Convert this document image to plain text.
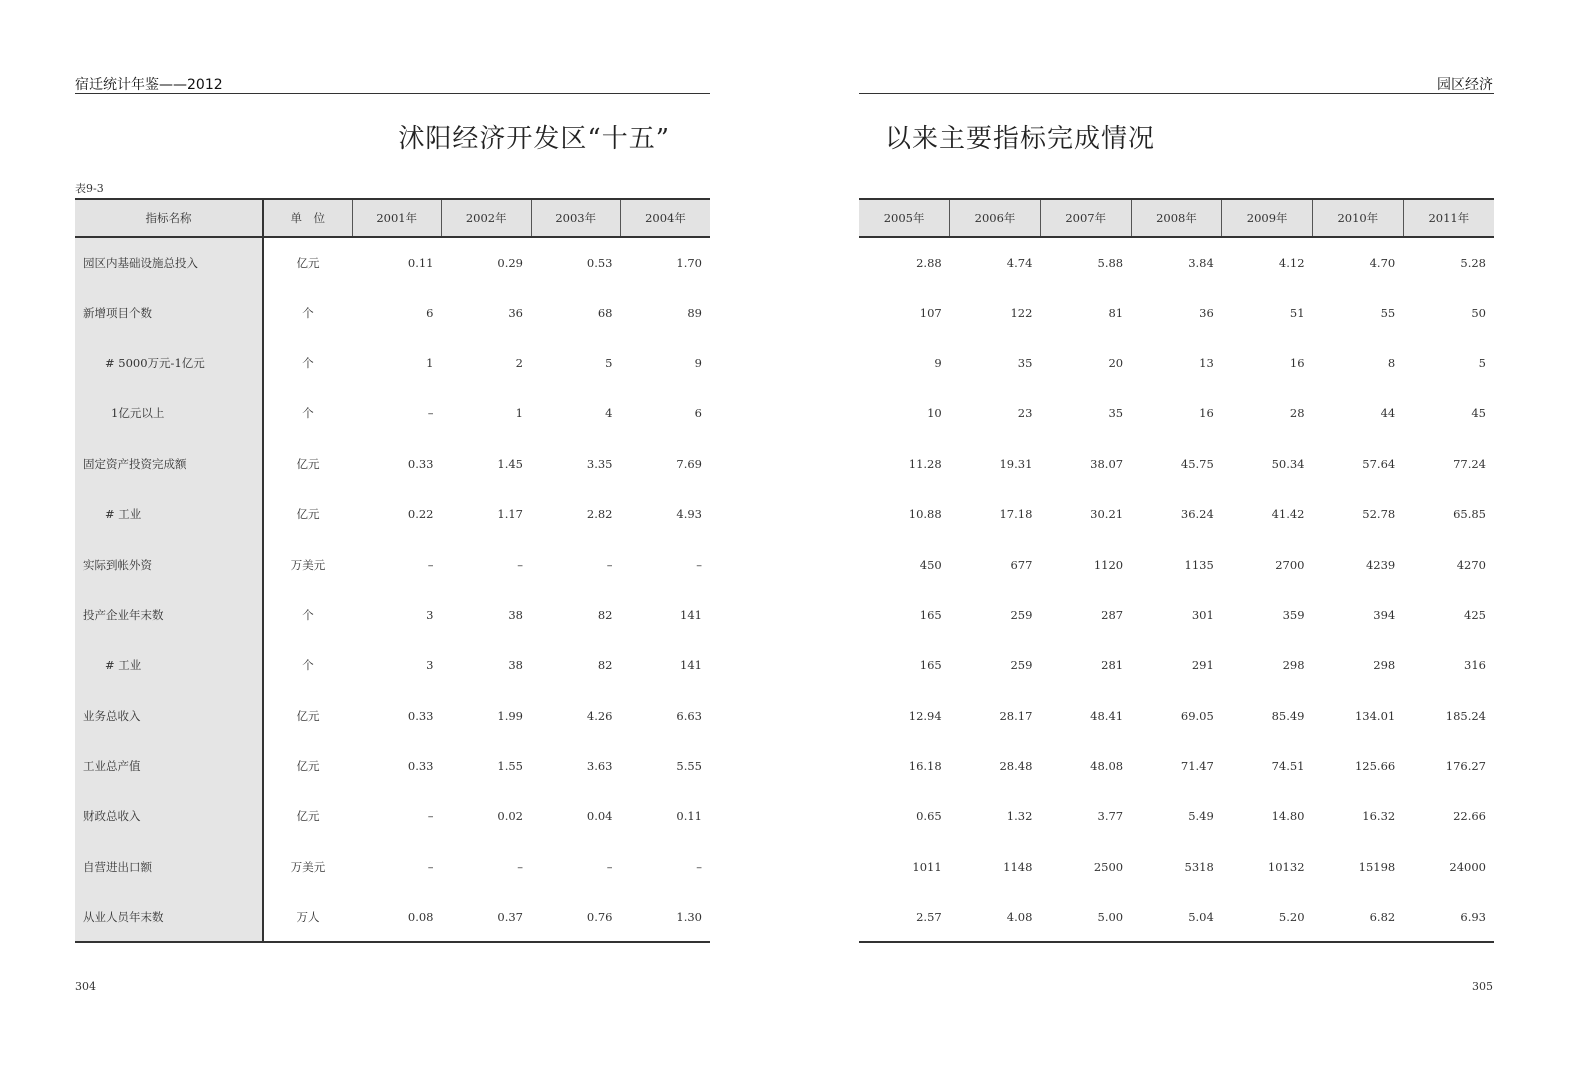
宿迁统计年鉴——2012	园区经济
沭阳经济开发区“十五”	以来主要指标完成情况
表9-3
指标名称	单　位	2001年	2002年	2003年	2004年
园区内基础设施总投入	亿元	0.11	0.29	0.53	1.70
新增项目个数	个	6	36	68	89
# 5000万元-1亿元	个	1	2	5	9
1亿元以上	个	–	1	4	6
固定资产投资完成额	亿元	0.33	1.45	3.35	7.69
# 工业	亿元	0.22	1.17	2.82	4.93
实际到帐外资	万美元	–	–	–	–
投产企业年末数	个	3	38	82	141
# 工业	个	3	38	82	141
业务总收入	亿元	0.33	1.99	4.26	6.63
工业总产值	亿元	0.33	1.55	3.63	5.55
财政总收入	亿元	–	0.02	0.04	0.11
自营进出口额	万美元	–	–	–	–
从业人员年末数	万人	0.08	0.37	0.76	1.30
2005年	2006年	2007年	2008年	2009年	2010年	2011年
2.88	4.74	5.88	3.84	4.12	4.70	5.28
107	122	81	36	51	55	50
9	35	20	13	16	8	5
10	23	35	16	28	44	45
11.28	19.31	38.07	45.75	50.34	57.64	77.24
10.88	17.18	30.21	36.24	41.42	52.78	65.85
450	677	1120	1135	2700	4239	4270
165	259	287	301	359	394	425
165	259	281	291	298	298	316
12.94	28.17	48.41	69.05	85.49	134.01	185.24
16.18	28.48	48.08	71.47	74.51	125.66	176.27
0.65	1.32	3.77	5.49	14.80	16.32	22.66
1011	1148	2500	5318	10132	15198	24000
2.57	4.08	5.00	5.04	5.20	6.82	6.93
304	305
